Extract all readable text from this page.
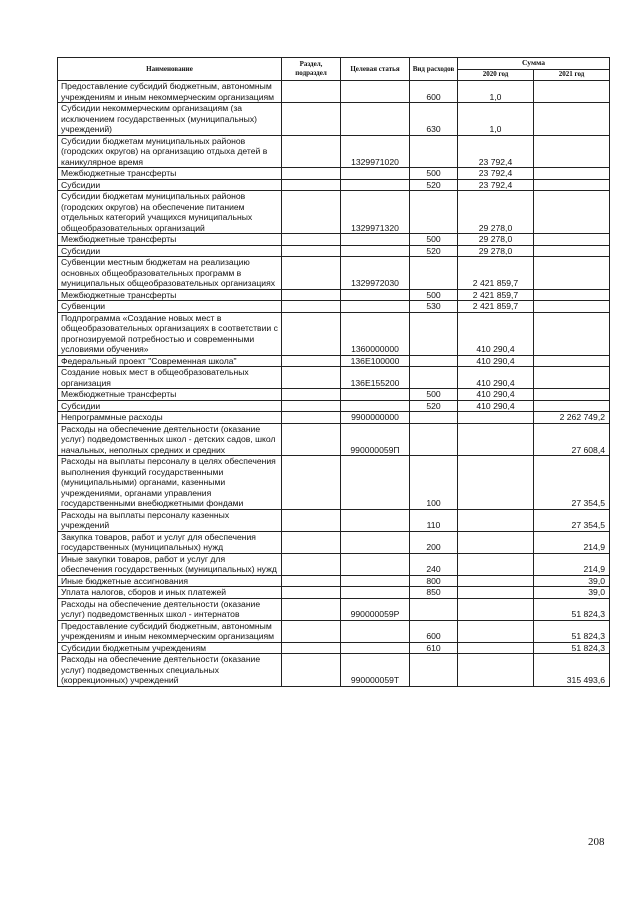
Наименование	Раздел, подраздел	Целевая статья	Вид расходов	Сумма	
				2020 год	2021 год
Предоставление субсидий бюджетным, автономным учреждениям и иным некоммерческим организациям			600	1,0	
Субсидии некоммерческим организациям (за исключением государственных (муниципальных) учреждений)			630	1,0	
Субсидии бюджетам муниципальных районов (городских округов) на организацию отдыха детей в каникулярное время		1329971020		23 792,4	
Межбюджетные трансферты			500	23 792,4	
Субсидии			520	23 792,4	
Субсидии бюджетам муниципальных районов (городских округов) на обеспечение питанием отдельных категорий учащихся муниципальных общеобразовательных организаций		1329971320		29 278,0	
Межбюджетные трансферты			500	29 278,0	
Субсидии			520	29 278,0	
Субвенции местным бюджетам на реализацию основных общеобразовательных программ в муниципальных общеобразовательных организациях		1329972030		2 421 859,7	
Межбюджетные трансферты			500	2 421 859,7	
Субвенции			530	2 421 859,7	
Подпрограмма «Создание новых мест в общеобразовательных организациях в соответствии с прогнозируемой потребностью и современными условиями обучения»		1360000000		410 290,4	
Федеральный проект "Современная школа"		136E100000		410 290,4	
Создание новых мест в общеобразовательных организация		136E155200		410 290,4	
Межбюджетные трансферты			500	410 290,4	
Субсидии			520	410 290,4	
Непрограммные расходы		9900000000			2 262 749,2
Расходы на обеспечение деятельности (оказание услуг) подведомственных школ - детских садов, школ начальных, неполных средних и средних		990000059П			27 608,4
Расходы на выплаты персоналу в целях обеспечения выполнения функций государственными (муниципальными) органами, казенными учреждениями, органами управления государственными внебюджетными фондами			100		27 354,5
Расходы на выплаты персоналу казенных учреждений			110		27 354,5
Закупка товаров, работ и услуг для обеспечения государственных (муниципальных) нужд			200		214,9
Иные закупки товаров, работ и услуг для обеспечения государственных (муниципальных) нужд			240		214,9
Иные бюджетные ассигнования			800		39,0
Уплата налогов, сборов и иных платежей			850		39,0
Расходы на обеспечение деятельности (оказание услуг) подведомственных школ - интернатов		990000059Р			51 824,3
Предоставление субсидий бюджетным, автономным учреждениям и иным некоммерческим организациям			600		51 824,3
Субсидии бюджетным учреждениям			610		51 824,3
Расходы на обеспечение деятельности (оказание услуг) подведомственных специальных (коррекционных) учреждений		990000059Т			315 493,6
208
